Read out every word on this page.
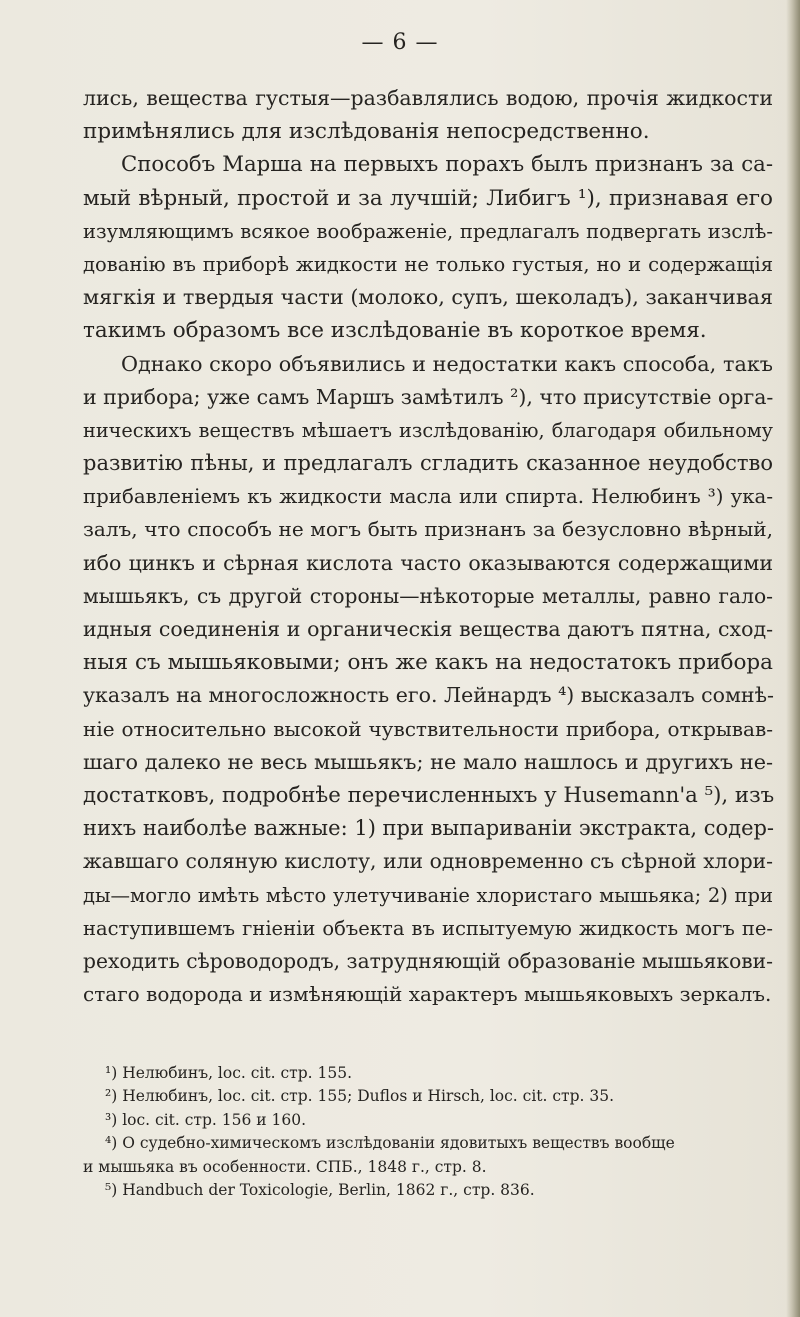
— 6 —
лись, вещества густыя—разбавлялись водою, прочія жидкости
примѣнялись для изслѣдованія непосредственно.
Способъ Марша на первыхъ порахъ былъ признанъ за са-
мый вѣрный, простой и за лучшій; Либигъ ¹), признавая его
изумляющимъ всякое воображеніе, предлагалъ подвергать изслѣ-
дованію въ приборѣ жидкости не только густыя, но и содержащія
мягкія и твердыя части (молоко, супъ, шеколадъ), заканчивая
такимъ образомъ все изслѣдованіе въ короткое время.
Однако скоро объявились и недостатки какъ способа, такъ
и прибора; уже самъ Маршъ замѣтилъ ²), что присутствіе орга-
ническихъ веществъ мѣшаетъ изслѣдованію, благодаря обильному
развитію пѣны, и предлагалъ сгладить сказанное неудобство
прибавленіемъ къ жидкости масла или спирта. Нелюбинъ ³) ука-
залъ, что способъ не могъ быть признанъ за безусловно вѣрный,
ибо цинкъ и сѣрная кислота часто оказываются содержащими
мышьякъ, съ другой стороны—нѣкоторые металлы, равно гало-
идныя соединенія и органическія вещества даютъ пятна, сход-
ныя съ мышьяковыми; онъ же какъ на недостатокъ прибора
указалъ на многосложность его. Лейнардъ ⁴) высказалъ сомнѣ-
ніе относительно высокой чувствительности прибора, открывав-
шаго далеко не весь мышьякъ; не мало нашлось и другихъ не-
достатковъ, подробнѣе перечисленныхъ у Husemann'a ⁵), изъ
нихъ наиболѣе важные: 1) при выпариваніи экстракта, содер-
жавшаго соляную кислоту, или одновременно съ сѣрной хлори-
ды—могло имѣть мѣсто улетучиваніе хлористаго мышьяка; 2) при
наступившемъ гніеніи объекта въ испытуемую жидкость могъ пе-
реходить сѣроводородъ, затрудняющій образованіе мышьякови-
стаго водорода и измѣняющій характеръ мышьяковыхъ зеркалъ.
¹) Нелюбинъ, loc. cit. стр. 155.
²) Нелюбинъ, loc. cit. стр. 155; Duflos и Hirsch, loc. cit. стр. 35.
³) loc. cit. стр. 156 и 160.
⁴) О судебно-химическомъ изслѣдованіи ядовитыхъ веществъ вообще
и мышьяка въ особенности. СПБ., 1848 г., стр. 8.
⁵) Handbuch der Toxicologie, Berlin, 1862 г., стр. 836.
